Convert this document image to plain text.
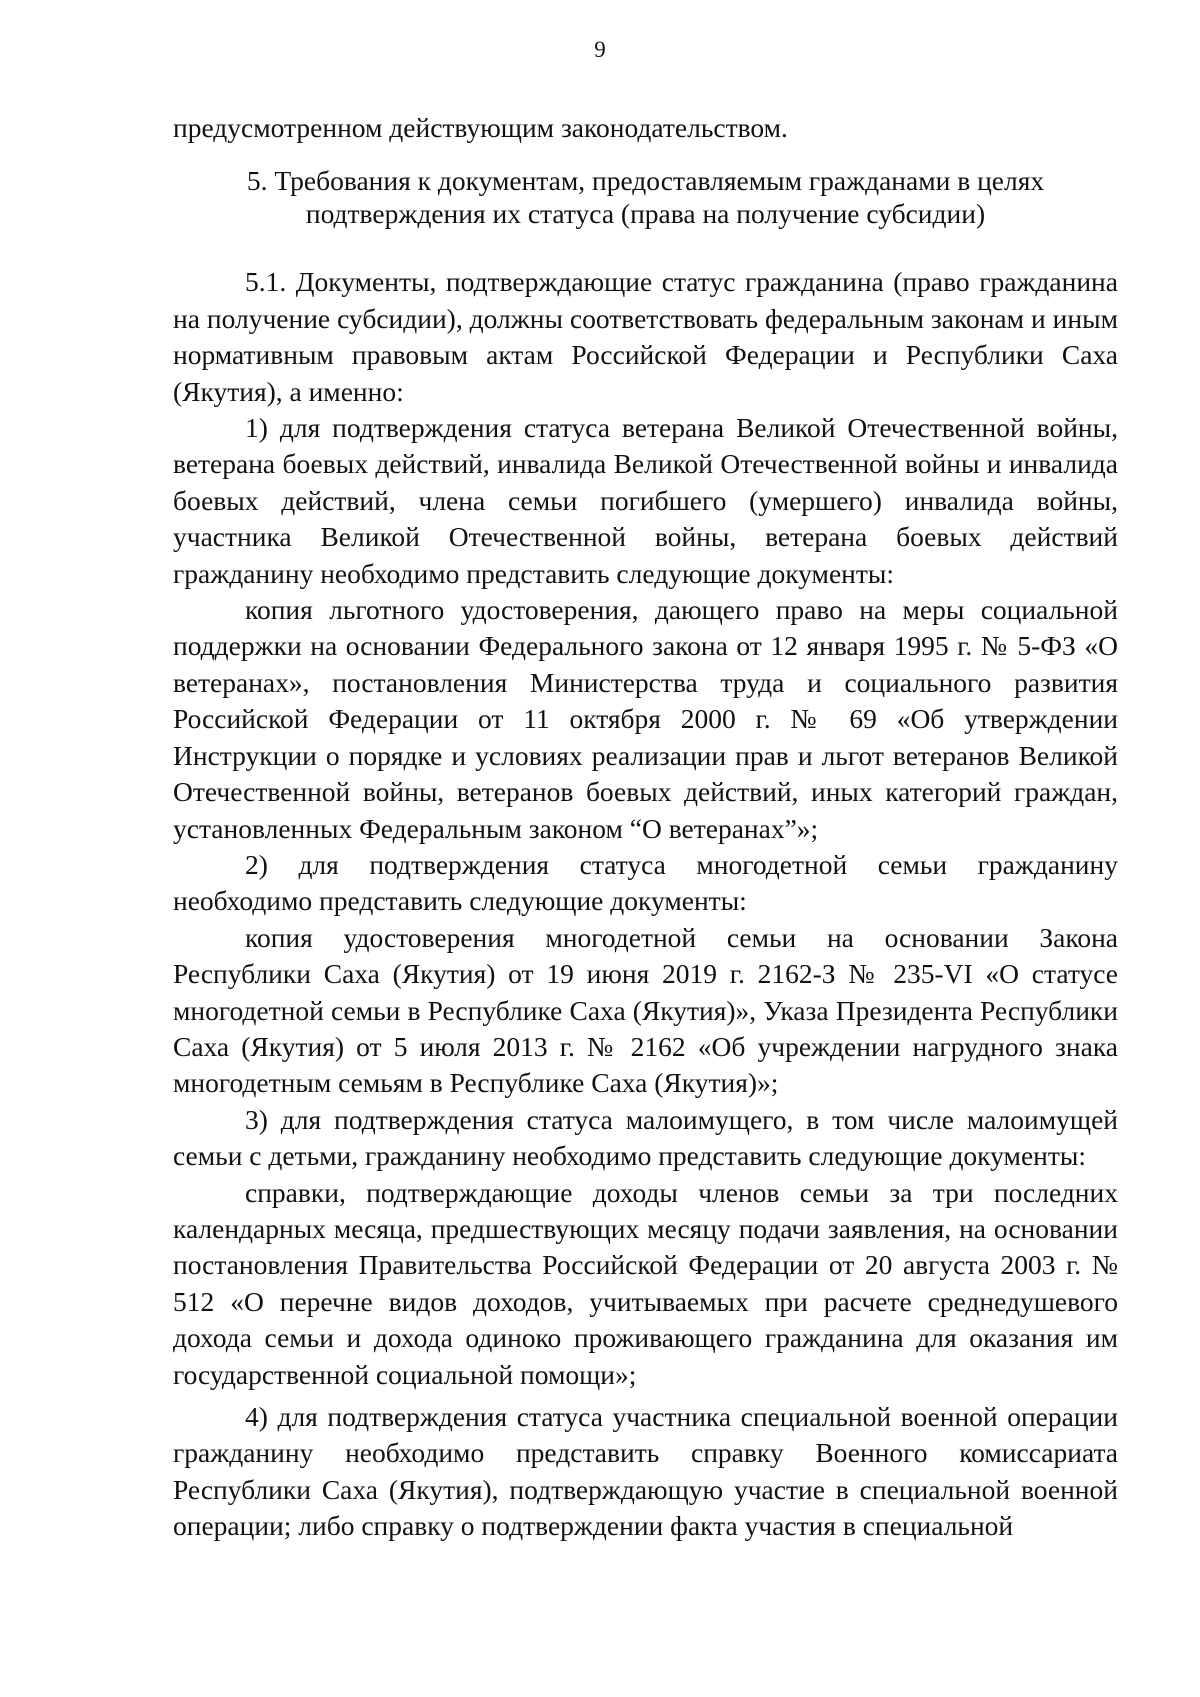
9

предусмотренном действующим законодательством.

5. Требования к документам, предоставляемым гражданами в целях
подтверждения их статуса (права на получение субсидии)

5.1. Документы, подтверждающие статус гражданина (право гражданина на получение субсидии), должны соответствовать федеральным законам и иным нормативным правовым актам Российской Федерации и Республики Саха (Якутия), а именно:

1) для подтверждения статуса ветерана Великой Отечественной войны, ветерана боевых действий, инвалида Великой Отечественной войны и инвалида боевых действий, члена семьи погибшего (умершего) инвалида войны, участника Великой Отечественной войны, ветерана боевых действий гражданину необходимо представить следующие документы:

копия льготного удостоверения, дающего право на меры социальной поддержки на основании Федерального закона от 12 января 1995 г. № 5-ФЗ «О ветеранах», постановления Министерства труда и социального развития Российской Федерации от 11 октября 2000 г. № 69 «Об утверждении Инструкции о порядке и условиях реализации прав и льгот ветеранов Великой Отечественной войны, ветеранов боевых действий, иных категорий граждан, установленных Федеральным законом “О ветеранах”»;

2) для подтверждения статуса многодетной семьи гражданину необходимо представить следующие документы:

копия удостоверения многодетной семьи на основании Закона Республики Саха (Якутия) от 19 июня 2019 г. 2162-З № 235-VI «О статусе многодетной семьи в Республике Саха (Якутия)», Указа Президента Республики Саха (Якутия) от 5 июля 2013 г. № 2162 «Об учреждении нагрудного знака многодетным семьям в Республике Саха (Якутия)»;

3) для подтверждения статуса малоимущего, в том числе малоимущей семьи с детьми, гражданину необходимо представить следующие документы:

справки, подтверждающие доходы членов семьи за три последних календарных месяца, предшествующих месяцу подачи заявления, на основании постановления Правительства Российской Федерации от 20 августа 2003 г. № 512 «О перечне видов доходов, учитываемых при расчете среднедушевого дохода семьи и дохода одиноко проживающего гражданина для оказания им государственной социальной помощи»;

4) для подтверждения статуса участника специальной военной операции гражданину необходимо представить справку Военного комиссариата Республики Саха (Якутия), подтверждающую участие в специальной военной операции; либо справку о подтверждении факта участия в специальной
